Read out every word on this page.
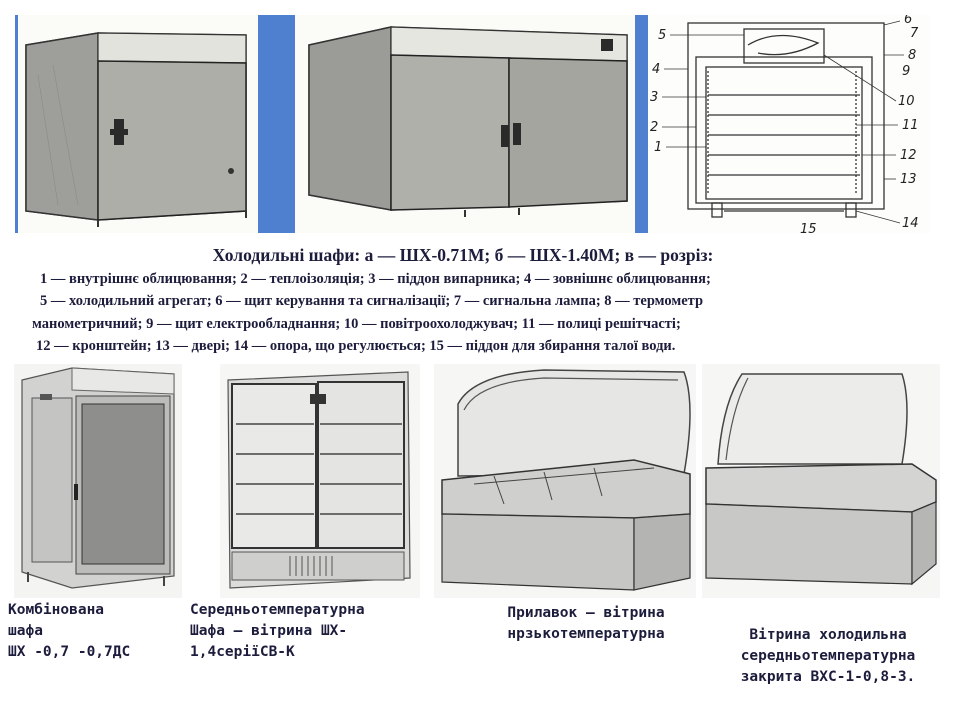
5
4
3
2
1
6
7
8
9
10
11
12
13
14
15
Холодильні шафи: а — ШХ-0.71М; б — ШХ-1.40М; в — розріз:
1 — внутрішнє облицювання; 2 — теплоізоляція; 3 — піддон випарника; 4 — зовнішнє облицювання;
5 — холодильний агрегат; 6 — щит керування та сигналізації; 7 — сигнальна лампа; 8 — термометр
манометричний; 9 — щит електрообладнання; 10 — повітроохолоджувач; 11 — полиці решітчасті;
12 — кронштейн; 13 — двері; 14 — опора, що регулюється; 15 — піддон для збирання талої води.
Комбінована
шафа
ШХ -0,7 -0,7ДС
Середньотемпературна
Шафа – вітрина ШХ-
1,4серіїСВ-К
Прилавок – вітрина
нрзькотемпературна	Вітрина холодильна
середньотемпературна
закрита ВХС-1-0,8-3.
